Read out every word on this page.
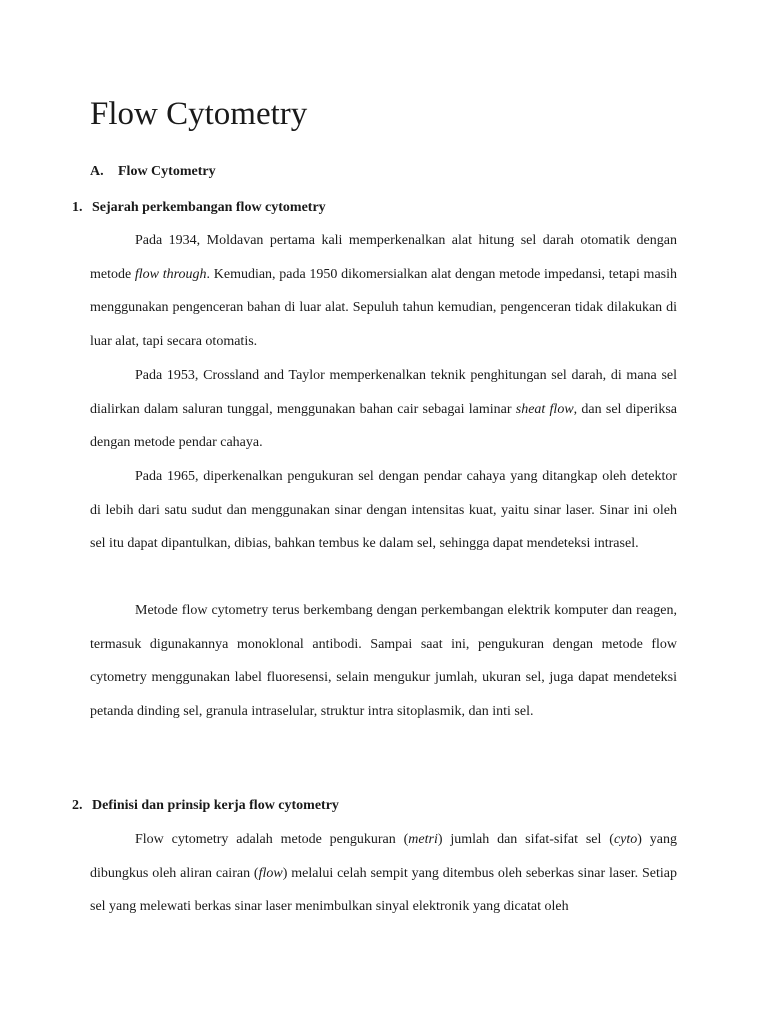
Flow Cytometry
A. Flow Cytometry
1. Sejarah perkembangan flow cytometry

Pada 1934, Moldavan pertama kali memperkenalkan alat hitung sel darah otomatik dengan metode flow through. Kemudian, pada 1950 dikomersialkan alat dengan metode impedansi, tetapi masih menggunakan pengenceran bahan di luar alat. Sepuluh tahun kemudian, pengenceran tidak dilakukan di luar alat, tapi secara otomatis.

Pada 1953, Crossland and Taylor memperkenalkan teknik penghitungan sel darah, di mana sel dialirkan dalam saluran tunggal, menggunakan bahan cair sebagai laminar sheat flow, dan sel diperiksa dengan metode pendar cahaya.

Pada 1965, diperkenalkan pengukuran sel dengan pendar cahaya yang ditangkap oleh detektor di lebih dari satu sudut dan menggunakan sinar dengan intensitas kuat, yaitu sinar laser. Sinar ini oleh sel itu dapat dipantulkan, dibias, bahkan tembus ke dalam sel, sehingga dapat mendeteksi intrasel.

Metode flow cytometry terus berkembang dengan perkembangan elektrik komputer dan reagen, termasuk digunakannya monoklonal antibodi. Sampai saat ini, pengukuran dengan metode flow cytometry menggunakan label fluoresensi, selain mengukur jumlah, ukuran sel, juga dapat mendeteksi petanda dinding sel, granula intraselular, struktur intra sitoplasmik, dan inti sel.

2. Definisi dan prinsip kerja flow cytometry

Flow cytometry adalah metode pengukuran (metri) jumlah dan sifat-sifat sel (cyto) yang dibungkus oleh aliran cairan (flow) melalui celah sempit yang ditembus oleh seberkas sinar laser. Setiap sel yang melewati berkas sinar laser menimbulkan sinyal elektronik yang dicatat oleh
